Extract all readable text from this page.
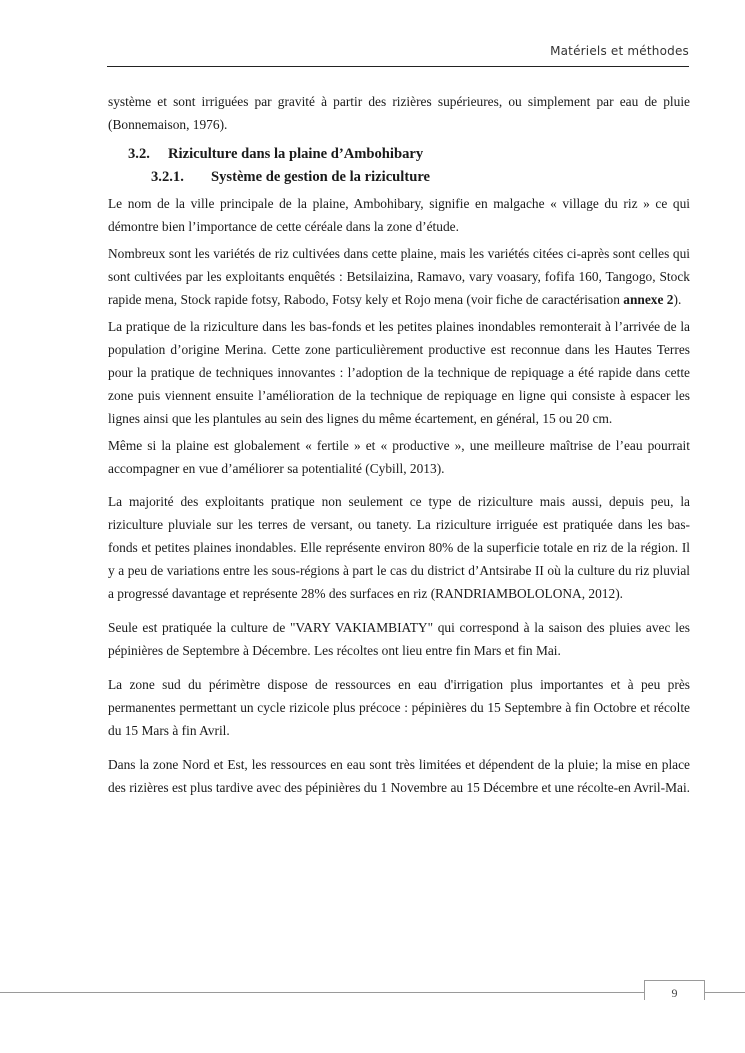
Matériels et méthodes

système et sont irriguées par gravité à partir des rizières supérieures, ou simplement par eau de pluie (Bonnemaison, 1976).

3.2. Riziculture dans la plaine d’Ambohibary
3.2.1. Système de gestion de la riziculture

Le nom de la ville principale de la plaine, Ambohibary, signifie en malgache « village du riz » ce qui démontre bien l’importance de cette céréale dans la zone d’étude.

Nombreux sont les variétés de riz cultivées dans cette plaine, mais les variétés citées ci-après sont celles qui sont cultivées par les exploitants enquêtés : Betsilaizina, Ramavo, vary voasary, fofifa 160, Tangogo, Stock rapide mena, Stock rapide fotsy, Rabodo, Fotsy kely et Rojo mena (voir fiche de caractérisation annexe 2).

La pratique de la riziculture dans les bas-fonds et les petites plaines inondables remonterait à l’arrivée de la population d’origine Merina. Cette zone particulièrement productive est reconnue dans les Hautes Terres pour la pratique de techniques innovantes : l’adoption de la technique de repiquage a été rapide dans cette zone puis viennent ensuite l’amélioration de la technique de repiquage en ligne qui consiste à espacer les lignes ainsi que les plantules au sein des lignes du même écartement, en général, 15 ou 20 cm.

Même si la plaine est globalement « fertile » et « productive », une meilleure maîtrise de l’eau pourrait accompagner en vue d’améliorer sa potentialité (Cybill, 2013).

La majorité des exploitants pratique non seulement ce type de riziculture mais aussi, depuis peu, la riziculture pluviale sur les terres de versant, ou tanety. La riziculture irriguée est pratiquée dans les bas-fonds et petites plaines inondables. Elle représente environ 80% de la superficie totale en riz de la région. Il y a peu de variations entre les sous-régions à part le cas du district d’Antsirabe II où la culture du riz pluvial a progressé davantage et représente 28% des surfaces en riz (RANDRIAMBOLOLONA, 2012).

Seule est pratiquée la culture de "VARY VAKIAMBIATY" qui correspond à la saison des pluies avec les pépinières de Septembre à Décembre. Les récoltes ont lieu entre fin Mars et fin Mai.

La zone sud du périmètre dispose de ressources en eau d'irrigation plus importantes et à peu près permanentes permettant un cycle rizicole plus précoce : pépinières du 15 Septembre à fin Octobre et récolte du 15 Mars à fin Avril.

Dans la zone Nord et Est, les ressources en eau sont très limitées et dépendent de la pluie; la mise en place des rizières est plus tardive avec des pépinières du 1 Novembre au 15 Décembre et une récolte-en Avril-Mai.

9
